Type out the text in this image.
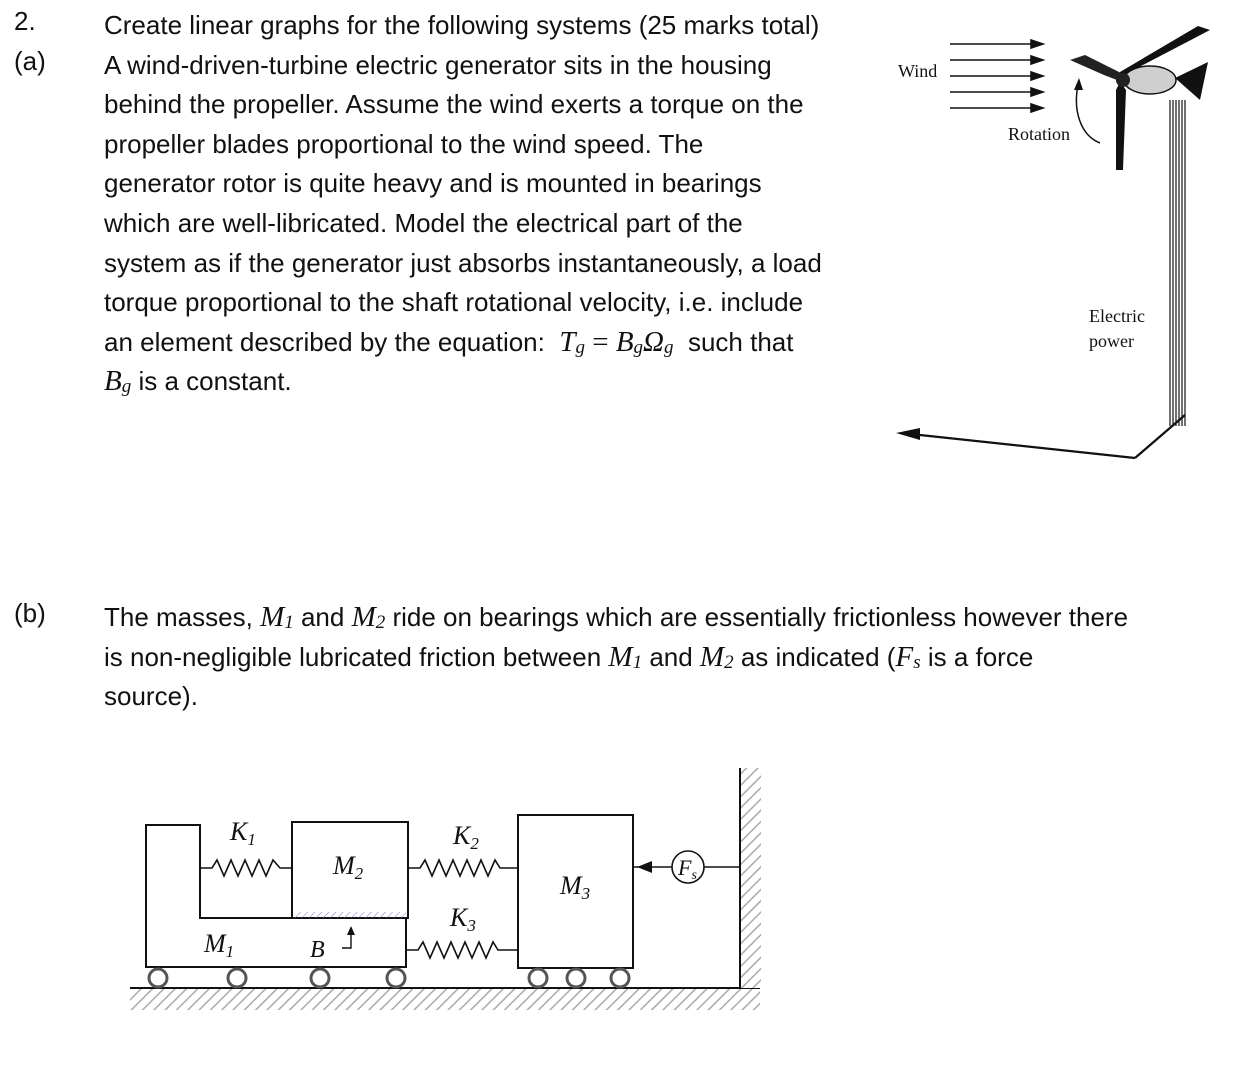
2.
(a)
Create linear graphs for the following systems (25 marks total)
A wind-driven-turbine electric generator sits in the housing
behind the propeller. Assume the wind exerts a torque on the
propeller blades proportional to the wind speed. The
generator rotor is quite heavy and is mounted in bearings
which are well-libricated. Model the electrical part of the
system as if the generator just absorbs instantaneously, a load
torque proportional to the shaft rotational velocity, i.e. include
an element described by the equation:  $T_g = B_g\Omega_g$  such that
$B_g$ is a constant.
Wind
Rotation
Electric
power
(b) The masses, $M_1$ and $M_2$ ride on bearings which are essentially frictionless however there
is non-negligible lubricated friction between $M_1$ and $M_2$ as indicated ($F_s$ is a force
source).
K1
M2
K2
K3
M3
M1	B
Fs
